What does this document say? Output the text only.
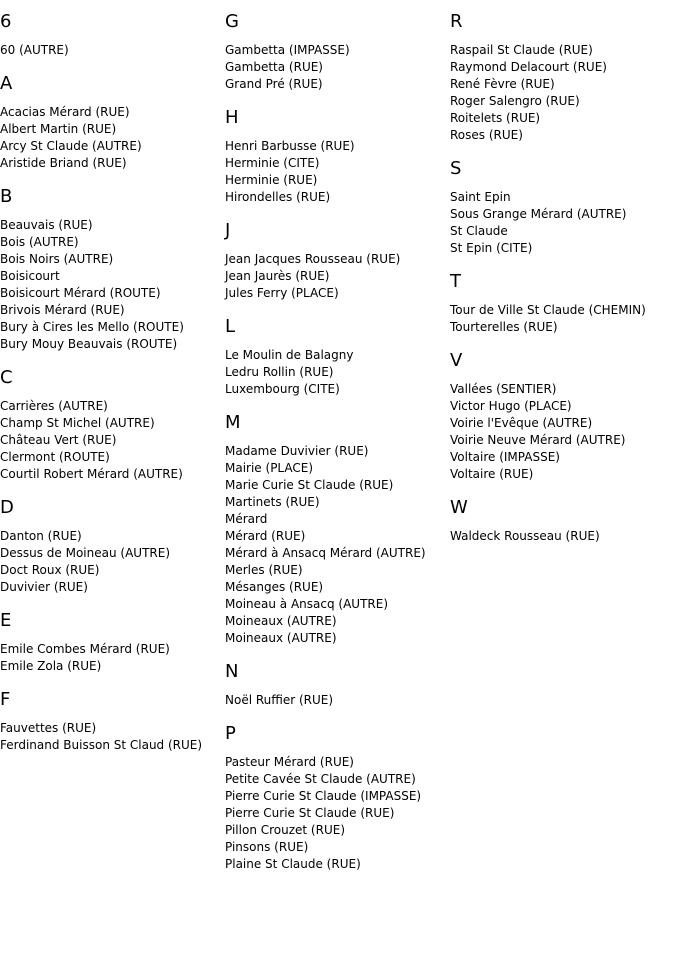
6
60 (AUTRE)
A
Acacias Mérard (RUE)
Albert Martin (RUE)
Arcy St Claude (AUTRE)
Aristide Briand (RUE)
B
Beauvais (RUE)
Bois (AUTRE)
Bois Noirs (AUTRE)
Boisicourt
Boisicourt Mérard (ROUTE)
Brivois Mérard (RUE)
Bury à Cires les Mello (ROUTE)
Bury Mouy Beauvais (ROUTE)
C
Carrières (AUTRE)
Champ St Michel (AUTRE)
Château Vert (RUE)
Clermont (ROUTE)
Courtil Robert Mérard (AUTRE)
D
Danton (RUE)
Dessus de Moineau (AUTRE)
Doct Roux (RUE)
Duvivier (RUE)
E
Emile Combes Mérard (RUE)
Emile Zola (RUE)
F
Fauvettes (RUE)
Ferdinand Buisson St Claud (RUE)
G
Gambetta (IMPASSE)
Gambetta (RUE)
Grand Pré (RUE)
H
Henri Barbusse (RUE)
Herminie (CITE)
Herminie (RUE)
Hirondelles (RUE)
J
Jean Jacques Rousseau (RUE)
Jean Jaurès (RUE)
Jules Ferry (PLACE)
L
Le Moulin de Balagny
Ledru Rollin (RUE)
Luxembourg (CITE)
M
Madame Duvivier (RUE)
Mairie (PLACE)
Marie Curie St Claude (RUE)
Martinets (RUE)
Mérard
Mérard (RUE)
Mérard à Ansacq Mérard (AUTRE)
Merles (RUE)
Mésanges (RUE)
Moineau à Ansacq (AUTRE)
Moineaux (AUTRE)
Moineaux (AUTRE)
N
Noël Ruffier (RUE)
P
Pasteur Mérard (RUE)
Petite Cavée St Claude (AUTRE)
Pierre Curie St Claude (IMPASSE)
Pierre Curie St Claude (RUE)
Pillon Crouzet (RUE)
Pinsons (RUE)
Plaine St Claude (RUE)
R
Raspail St Claude (RUE)
Raymond Delacourt (RUE)
René Fèvre (RUE)
Roger Salengro (RUE)
Roitelets (RUE)
Roses (RUE)
S
Saint Epin
Sous Grange Mérard (AUTRE)
St Claude
St Epin (CITE)
T
Tour de Ville St Claude (CHEMIN)
Tourterelles (RUE)
V
Vallées (SENTIER)
Victor Hugo (PLACE)
Voirie l'Evêque (AUTRE)
Voirie Neuve Mérard (AUTRE)
Voltaire (IMPASSE)
Voltaire (RUE)
W
Waldeck Rousseau (RUE)
